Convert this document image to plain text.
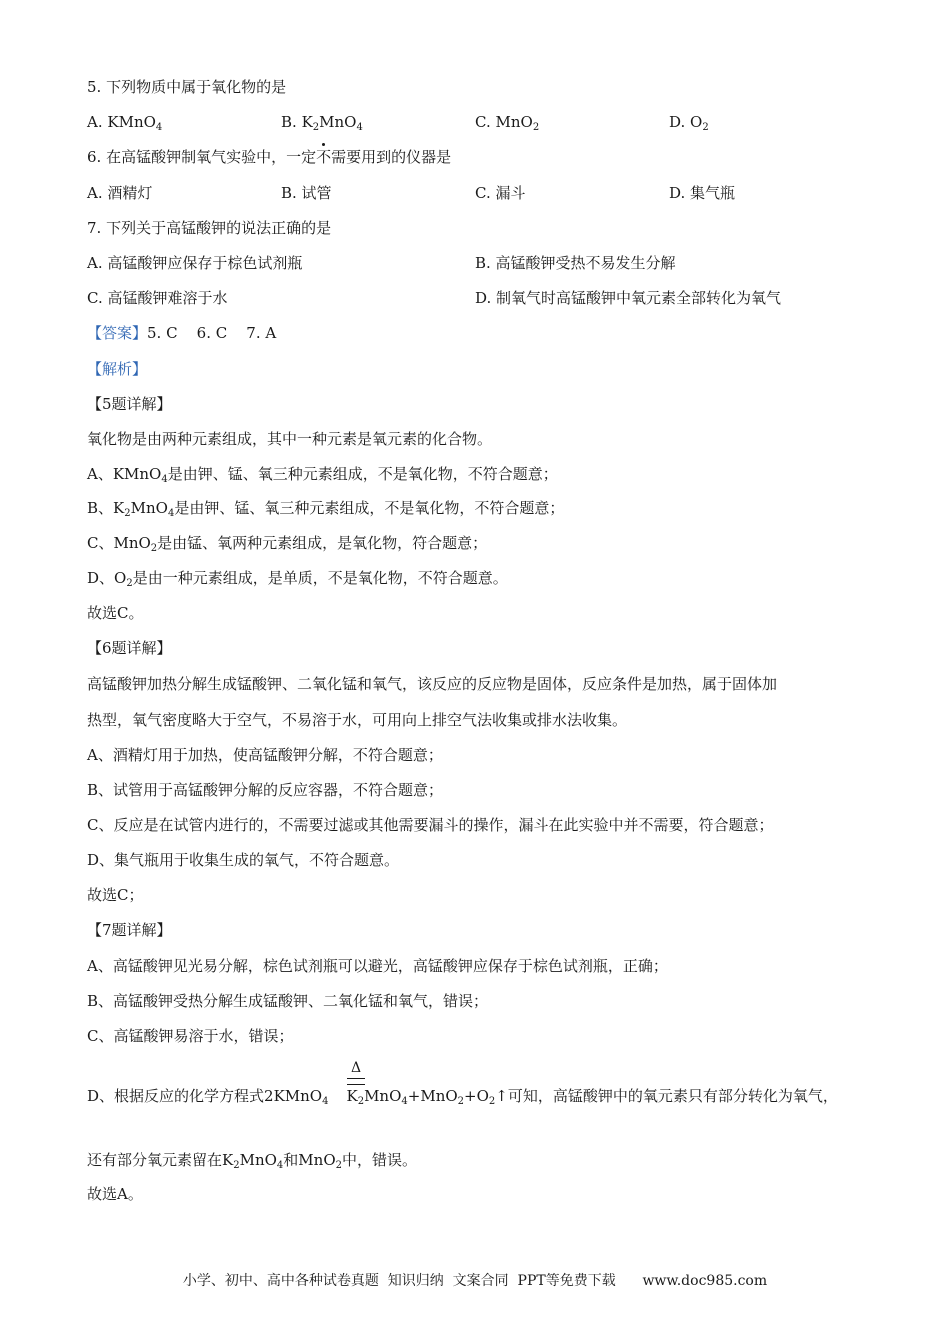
5. 下列物质中属于氧化物的是
A. KMnO$_4$	B. $K_2MnO_4$	C. MnO$_2$	D. $O_2$
6. 在高锰酸钾制氧气实验中，一定不需要用到的仪器是
A. 酒精灯	B. 试管	C. 漏斗	D. 集气瓶
7. 下列关于高锰酸钾的说法正确的是
A. 高锰酸钾应保存于棕色试剂瓶	B. 高锰酸钾受热不易发生分解
C. 高锰酸钾难溶于水	D. 制氧气时高锰酸钾中氧元素全部转化为氧气
【答案】5. C    6. C    7. A
【解析】
【5题详解】
氧化物是由两种元素组成，其中一种元素是氧元素的化合物。
A、KMnO$_4$是由钾、锰、氧三种元素组成，不是氧化物，不符合题意；
B、$K_2MnO_4$是由钾、锰、氧三种元素组成，不是氧化物，不符合题意；
C、MnO$_2$是由锰、氧两种元素组成，是氧化物，符合题意；
D、$O_2$是由一种元素组成，是单质，不是氧化物，不符合题意。
故选C。
【6题详解】
高锰酸钾加热分解生成锰酸钾、二氧化锰和氧气，该反应的反应物是固体，反应条件是加热，属于固体加
热型，氧气密度略大于空气，不易溶于水，可用向上排空气法收集或排水法收集。
A、酒精灯用于加热，使高锰酸钾分解，不符合题意；
B、试管用于高锰酸钾分解的反应容器，不符合题意；
C、反应是在试管内进行的，不需要过滤或其他需要漏斗的操作，漏斗在此实验中并不需要，符合题意；
D、集气瓶用于收集生成的氧气，不符合题意。
故选C；
【7题详解】
A、高锰酸钾见光易分解，棕色试剂瓶可以避光，高锰酸钾应保存于棕色试剂瓶，正确；
B、高锰酸钾受热分解生成锰酸钾、二氧化锰和氧气，错误；
C、高锰酸钾易溶于水，错误；
Δ
D、根据反应的化学方程式2KMnO$_4$ $K_2MnO_4+MnO_2+O_2↑$可知，高锰酸钾中的氧元素只有部分转化为氧气，
还有部分氧元素留在$K_2MnO_4$和MnO$_2$中，错误。
故选A。
小学、初中、高中各种试卷真题  知识归纳  文案合同  PPT等免费下载      www.doc985.com
